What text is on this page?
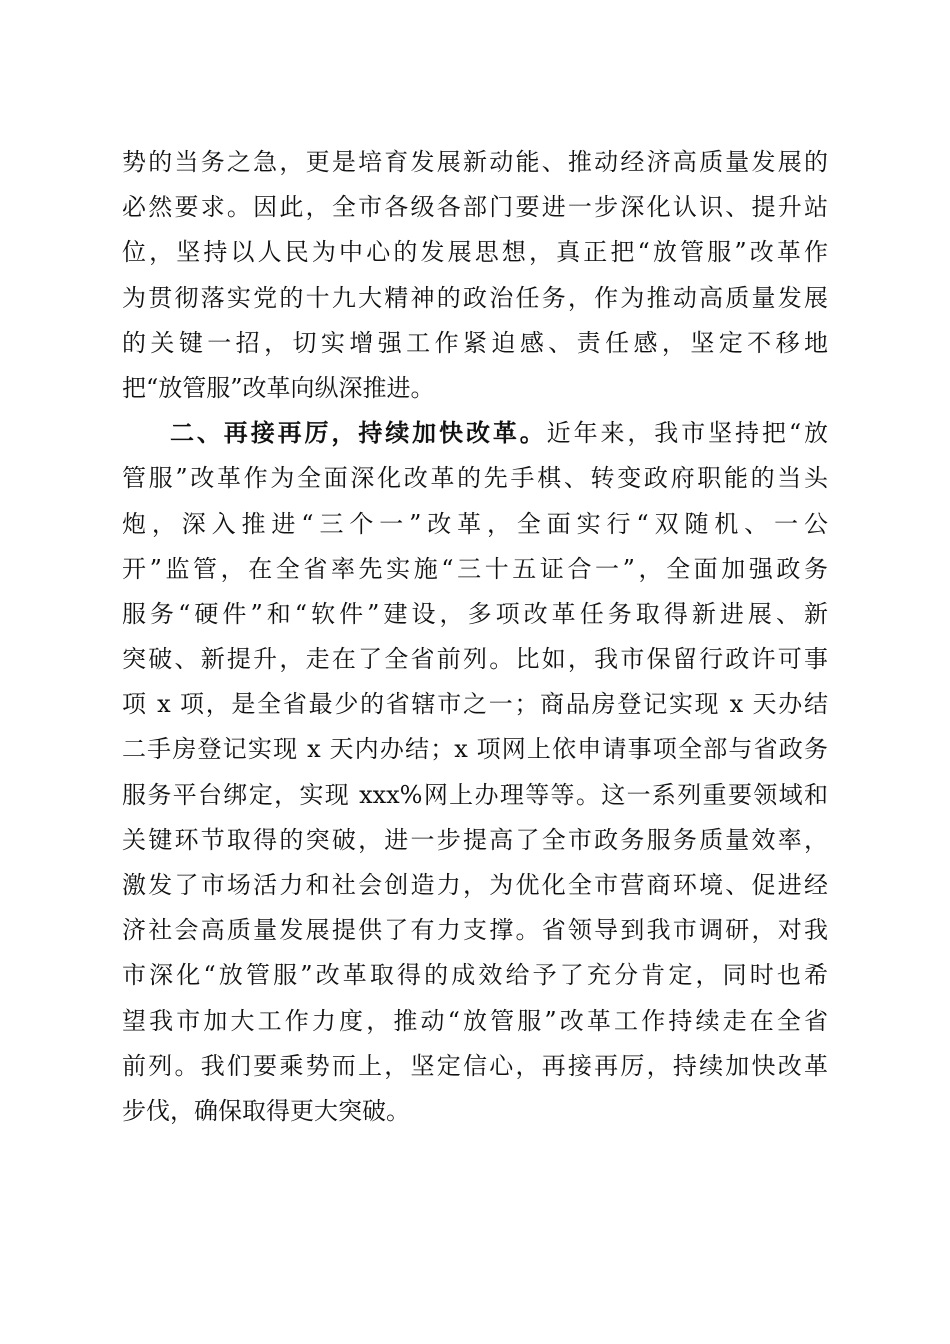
势的当务之急，更是培育发展新动能、推动经济高质量发展的
必然要求。因此，全市各级各部门要进一步深化认识、提升站
位，坚持以人民为中心的发展思想，真正把“放管服”改革作
为贯彻落实党的十九大精神的政治任务，作为推动高质量发展
的关键一招，切实增强工作紧迫感、责任感，坚定不移地
把“放管服”改革向纵深推进。
二、再接再厉，持续加快改革。近年来，我市坚持把“放
管服”改革作为全面深化改革的先手棋、转变政府职能的当头
炮，深入推进“三个一”改革，全面实行“双随机、一公
开”监管，在全省率先实施“三十五证合一”，全面加强政务
服务“硬件”和“软件”建设，多项改革任务取得新进展、新
突破、新提升，走在了全省前列。比如，我市保留行政许可事
项 x 项，是全省最少的省辖市之一；商品房登记实现 x 天办结
二手房登记实现 x 天内办结；x 项网上依申请事项全部与省政务
服务平台绑定，实现 xxx%网上办理等等。这一系列重要领域和
关键环节取得的突破，进一步提高了全市政务服务质量效率，
激发了市场活力和社会创造力，为优化全市营商环境、促进经
济社会高质量发展提供了有力支撑。省领导到我市调研，对我
市深化“放管服”改革取得的成效给予了充分肯定，同时也希
望我市加大工作力度，推动“放管服”改革工作持续走在全省
前列。我们要乘势而上，坚定信心，再接再厉，持续加快改革
步伐，确保取得更大突破。
